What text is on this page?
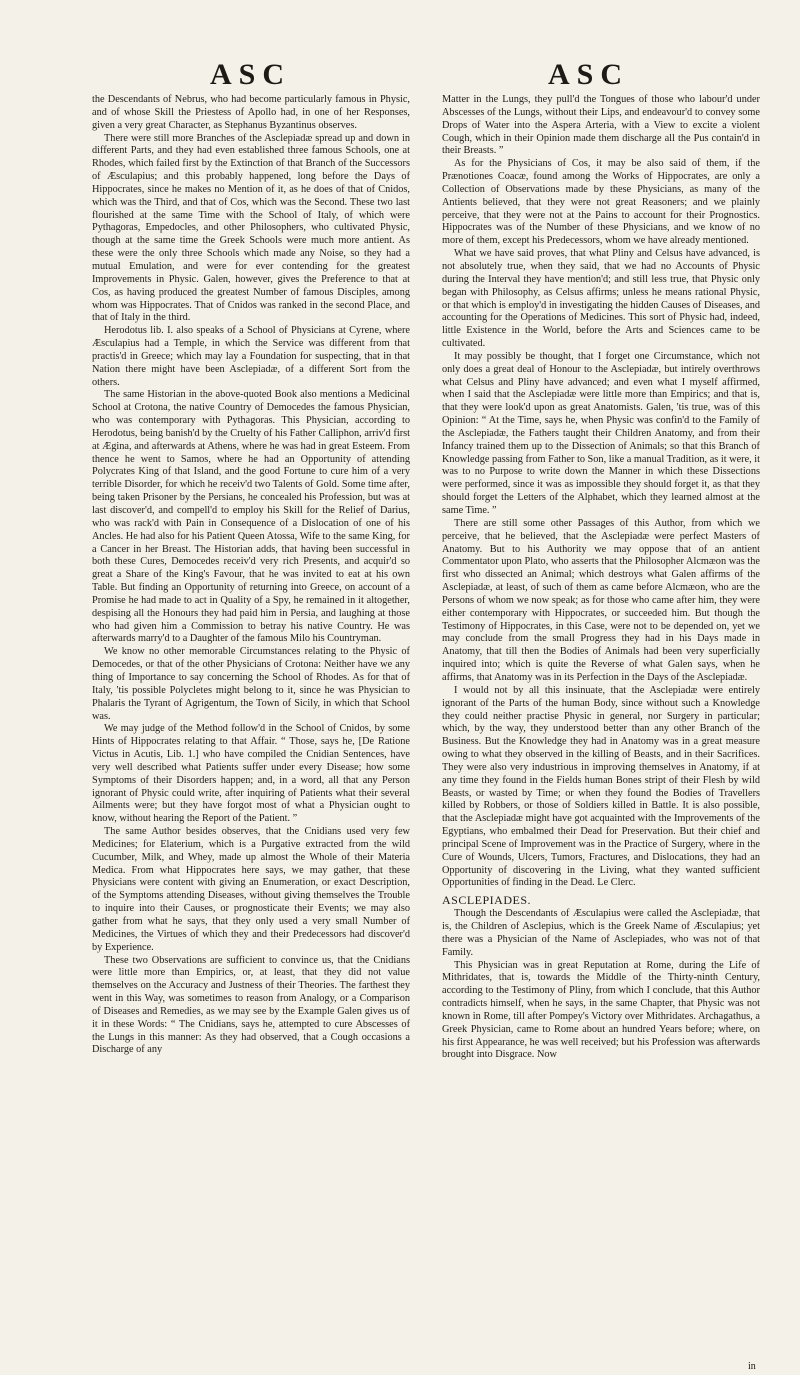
ASC	ASC

the Descendants of Nebrus, who had become particularly famous in Physic, and of whose Skill the Priestess of Apollo had, in one of her Responses, given a very great Character, as Stephanus Byzantinus observes.

There were still more Branches of the Asclepiadæ spread up and down in different Parts, and they had even established three famous Schools, one at Rhodes, which failed first by the Extinction of that Branch of the Successors of Æsculapius; and this probably happened, long before the Days of Hippocrates, since he makes no Mention of it, as he does of that of Cnidos, which was the Third, and that of Cos, which was the Second. These two last flourished at the same Time with the School of Italy, of which were Pythagoras, Empedocles, and other Philosophers, who cultivated Physic, though at the same time the Greek Schools were much more antient. As these were the only three Schools which made any Noise, so they had a mutual Emulation, and were for ever contending for the greatest Improvements in Physic. Galen, however, gives the Preference to that at Cos, as having produced the greatest Number of famous Disciples, among whom was Hippocrates. That of Cnidos was ranked in the second Place, and that of Italy in the third.

Herodotus lib. I. also speaks of a School of Physicians at Cyrene, where Æsculapius had a Temple, in which the Service was different from that practis'd in Greece; which may lay a Foundation for suspecting, that in that Nation there might have been Asclepiadæ, of a different Sort from the others.

The same Historian in the above-quoted Book also mentions a Medicinal School at Crotona, the native Country of Democedes the famous Physician, who was contemporary with Pythagoras. This Physician, according to Herodotus, being banish'd by the Cruelty of his Father Calliphon, arriv'd first at Ægina, and afterwards at Athens, where he was had in great Esteem. From thence he went to Samos, where he had an Opportunity of attending Polycrates King of that Island, and the good Fortune to cure him of a very terrible Disorder, for which he receiv'd two Talents of Gold. Some time after, being taken Prisoner by the Persians, he concealed his Profession, but was at last discover'd, and compell'd to employ his Skill for the Relief of Darius, who was rack'd with Pain in Consequence of a Dislocation of one of his Ancles. He had also for his Patient Queen Atossa, Wife to the same King, for a Cancer in her Breast. The Historian adds, that having been successful in both these Cures, Democedes receiv'd very rich Presents, and acquir'd so great a Share of the King's Favour, that he was invited to eat at his own Table. But finding an Opportunity of returning into Greece, on account of a Promise he had made to act in Quality of a Spy, he remained in it altogether, despising all the Honours they had paid him in Persia, and laughing at those who had given him a Commission to betray his native Country. He was afterwards marry'd to a Daughter of the famous Milo his Countryman.

We know no other memorable Circumstances relating to the Physic of Democedes, or that of the other Physicians of Crotona: Neither have we any thing of Importance to say concerning the School of Rhodes. As for that of Italy, 'tis possible Polycletes might belong to it, since he was Physician to Phalaris the Tyrant of Agrigentum, the Town of Sicily, in which that School was.

We may judge of the Method follow'd in the School of Cnidos, by some Hints of Hippocrates relating to that Affair. “ Those, says he, [De Ratione Victus in Acutis, Lib. 1.] who have compiled the Cnidian Sentences, have very well described what Patients suffer under every Disease; how some Symptoms of their Disorders happen; and, in a word, all that any Person ignorant of Physic could write, after inquiring of Patients what their several Ailments were; but they have forgot most of what a Physician ought to know, without hearing the Report of the Patient. ”

The same Author besides observes, that the Cnidians used very few Medicines; for Elaterium, which is a Purgative extracted from the wild Cucumber, Milk, and Whey, made up almost the Whole of their Materia Medica. From what Hippocrates here says, we may gather, that these Physicians were content with giving an Enumeration, or exact Description, of the Symptoms attending Diseases, without giving themselves the Trouble to inquire into their Causes, or prognosticate their Events; we may also gather from what he says, that they only used a very small Number of Medicines, the Virtues of which they and their Predecessors had discover'd by Experience.

These two Observations are sufficient to convince us, that the Cnidians were little more than Empirics, or, at least, that they did not value themselves on the Accuracy and Justness of their Theories. The farthest they went in this Way, was sometimes to reason from Analogy, or a Comparison of Diseases and Remedies, as we may see by the Example Galen gives us of it in these Words: “ The Cnidians, says he, attempted to cure Abscesses of the Lungs in this manner: As they had observed, that a Cough occasions a Discharge of any

Matter in the Lungs, they pull'd the Tongues of those who labour'd under Abscesses of the Lungs, without their Lips, and endeavour'd to convey some Drops of Water into the Aspera Arteria, with a View to excite a violent Cough, which in their Opinion made them discharge all the Pus contain'd in their Breasts. ”

As for the Physicians of Cos, it may be also said of them, if the Prænotiones Coacæ, found among the Works of Hippocrates, are only a Collection of Observations made by these Physicians, as many of the Antients believed, that they were not great Reasoners; and we plainly perceive, that they were not at the Pains to account for their Prognostics. Hippocrates was of the Number of these Physicians, and we know of no more of them, except his Predecessors, whom we have already mentioned.

What we have said proves, that what Pliny and Celsus have advanced, is not absolutely true, when they said, that we had no Accounts of Physic during the Interval they have mention'd; and still less true, that Physic only began with Philosophy, as Celsus affirms; unless he means rational Physic, or that which is employ'd in investigating the hidden Causes of Diseases, and accounting for the Operations of Medicines. This sort of Physic had, indeed, little Existence in the World, before the Arts and Sciences came to be cultivated.

It may possibly be thought, that I forget one Circumstance, which not only does a great deal of Honour to the Asclepiadæ, but intirely overthrows what Celsus and Pliny have advanced; and even what I myself affirmed, when I said that the Asclepiadæ were little more than Empirics; and that is, that they were look'd upon as great Anatomists. Galen, 'tis true, was of this Opinion: “ At the Time, says he, when Physic was confin'd to the Family of the Asclepiadæ, the Fathers taught their Children Anatomy, and from their Infancy trained them up to the Dissection of Animals; so that this Branch of Knowledge passing from Father to Son, like a manual Tradition, as it were, it was to no Purpose to write down the Manner in which these Dissections were performed, since it was as impossible they should forget it, as that they should forget the Letters of the Alphabet, which they learned almost at the same Time. ”

There are still some other Passages of this Author, from which we perceive, that he believed, that the Asclepiadæ were perfect Masters of Anatomy. But to his Authority we may oppose that of an antient Commentator upon Plato, who asserts that the Philosopher Alcmæon was the first who dissected an Animal; which destroys what Galen affirms of the Asclepiadæ, at least, of such of them as came before Alcmæon, who are the Persons of whom we now speak; as for those who came after him, they were either contemporary with Hippocrates, or succeeded him. But though the Testimony of Hippocrates, in this Case, were not to be depended on, yet we may conclude from the small Progress they had in his Days made in Anatomy, that till then the Bodies of Animals had been very superficially inquired into; which is quite the Reverse of what Galen says, when he affirms, that Anatomy was in its Perfection in the Days of the Asclepiadæ.

I would not by all this insinuate, that the Asclepiadæ were entirely ignorant of the Parts of the human Body, since without such a Knowledge they could neither practise Physic in general, nor Surgery in particular; which, by the way, they understood better than any other Branch of the Business. But the Knowledge they had in Anatomy was in a great measure owing to what they observed in the killing of Beasts, and in their Sacrifices. They were also very industrious in improving themselves in Anatomy, if at any time they found in the Fields human Bones stript of their Flesh by wild Beasts, or wasted by Time; or when they found the Bodies of Travellers killed by Robbers, or those of Soldiers killed in Battle. It is also possible, that the Asclepiadæ might have got acquainted with the Improvements of the Egyptians, who embalmed their Dead for Preservation. But their chief and principal Scene of Improvement was in the Practice of Surgery, where in the Cure of Wounds, Ulcers, Tumors, Fractures, and Dislocations, they had an Opportunity of discovering in the Living, what they wanted sufficient Opportunities of finding in the Dead. Le Clerc.

ASCLEPIADES.

Though the Descendants of Æsculapius were called the Asclepiadæ, that is, the Children of Asclepius, which is the Greek Name of Æsculapius; yet there was a Physician of the Name of Asclepiades, who was not of that Family.

This Physician was in great Reputation at Rome, during the Life of Mithridates, that is, towards the Middle of the Thirty-ninth Century, according to the Testimony of Pliny, from which I conclude, that this Author contradicts himself, when he says, in the same Chapter, that Physic was not known in Rome, till after Pompey's Victory over Mithridates. Archagathus, a Greek Physician, came to Rome about an hundred Years before; where, on his first Appearance, he was well received; but his Profession was afterwards brought into Disgrace. Now

in
